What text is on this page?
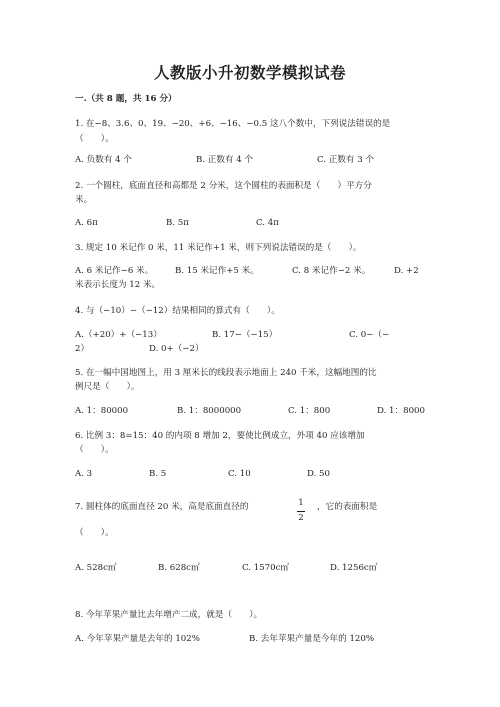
人教版小升初数学模拟试卷
一.（共 8 题，共 16 分）
1. 在−8、3.6、0、19、−20、+6、−16、−0.5 这八个数中，下列说法错误的是
（　　）。
A. 负数有 4 个	B. 正数有 4 个	C. 正数有 3 个
2. 一个圆柱，底面直径和高都是 2 分米，这个圆柱的表面积是（　　）平方分
米。
A. 6π	B. 5π	C. 4π
3. 规定 10 米记作 0 米，11 米记作+1 米，则下列说法错误的是（　　）。
A. 6 米记作−6 米。	B. 15 米记作+5 米。	C. 8 米记作−2 米。	D. +2
米表示长度为 12 米。
4. 与（−10）−（−12）结果相同的算式有（　　）。
A.（+20）+（−13）	B. 17−（−15）	C. 0−（−
2）	D. 0+（−2）
5. 在一幅中国地图上，用 3 厘米长的线段表示地面上 240 千米，这幅地图的比
例尺是（　　）。
A. 1：80000	B. 1：8000000	C. 1：800	D. 1：8000
6. 比例 3：8=15：40 的内项 8 增加 2，要使比例成立，外项 40 应该增加
（　　）。
A. 3	B. 5	C. 10	D. 50
7. 圆柱体的底面直径 20 米，高是底面直径的	1
2
，它的表面积是
（　　）。
A. 528c㎡	B. 628c㎡	C. 1570c㎡	D. 1256c㎡
8. 今年苹果产量比去年增产二成，就是（　　）。
A. 今年苹果产量是去年的 102%	B. 去年苹果产量是今年的 120%
